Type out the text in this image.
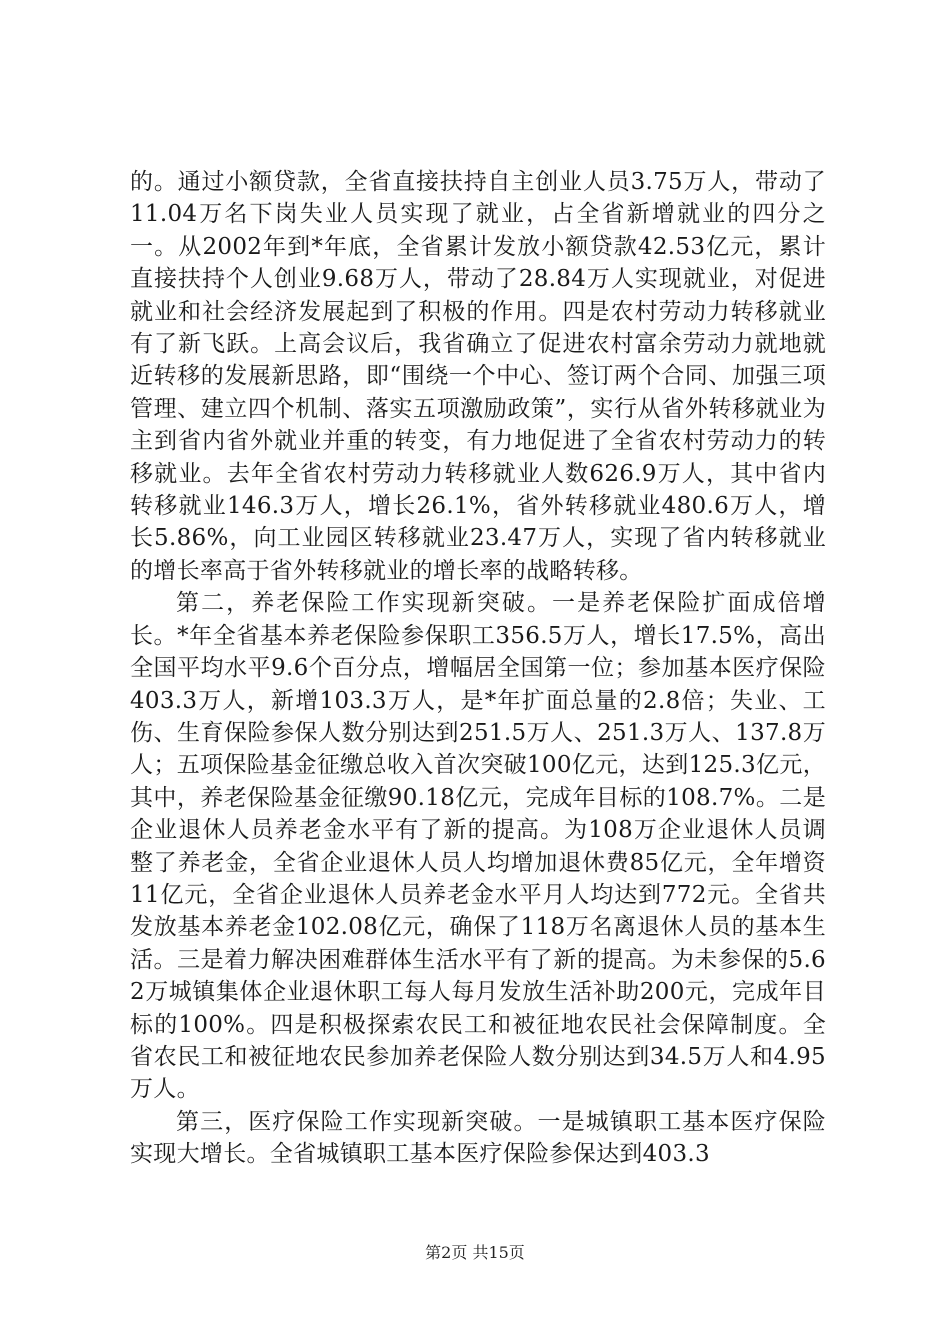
的。通过小额贷款，全省直接扶持自主创业人员3.75万人，带动了11.04万名下岗失业人员实现了就业，占全省新增就业的四分之一。从2002年到*年底，全省累计发放小额贷款42.53亿元，累计直接扶持个人创业9.68万人，带动了28.84万人实现就业，对促进就业和社会经济发展起到了积极的作用。四是农村劳动力转移就业有了新飞跃。上高会议后，我省确立了促进农村富余劳动力就地就近转移的发展新思路，即“围绕一个中心、签订两个合同、加强三项管理、建立四个机制、落实五项激励政策”，实行从省外转移就业为主到省内省外就业并重的转变，有力地促进了全省农村劳动力的转移就业。去年全省农村劳动力转移就业人数626.9万人，其中省内转移就业146.3万人，增长26.1%，省外转移就业480.6万人，增长5.86%，向工业园区转移就业23.47万人，实现了省内转移就业的增长率高于省外转移就业的增长率的战略转移。

第二，养老保险工作实现新突破。一是养老保险扩面成倍增长。*年全省基本养老保险参保职工356.5万人，增长17.5%，高出全国平均水平9.6个百分点，增幅居全国第一位；参加基本医疗保险403.3万人，新增103.3万人，是*年扩面总量的2.8倍；失业、工伤、生育保险参保人数分别达到251.5万人、251.3万人、137.8万人；五项保险基金征缴总收入首次突破100亿元，达到125.3亿元，其中，养老保险基金征缴90.18亿元，完成年目标的108.7%。二是企业退休人员养老金水平有了新的提高。为108万企业退休人员调整了养老金，全省企业退休人员人均增加退休费85亿元，全年增资11亿元，全省企业退休人员养老金水平月人均达到772元。全省共发放基本养老金102.08亿元，确保了118万名离退休人员的基本生活。三是着力解决困难群体生活水平有了新的提高。为未参保的5.62万城镇集体企业退休职工每人每月发放生活补助200元，完成年目标的100%。四是积极探索农民工和被征地农民社会保障制度。全省农民工和被征地农民参加养老保险人数分别达到34.5万人和4.95万人。

第三，医疗保险工作实现新突破。一是城镇职工基本医疗保险实现大增长。全省城镇职工基本医疗保险参保达到403.3

第2页 共15页
